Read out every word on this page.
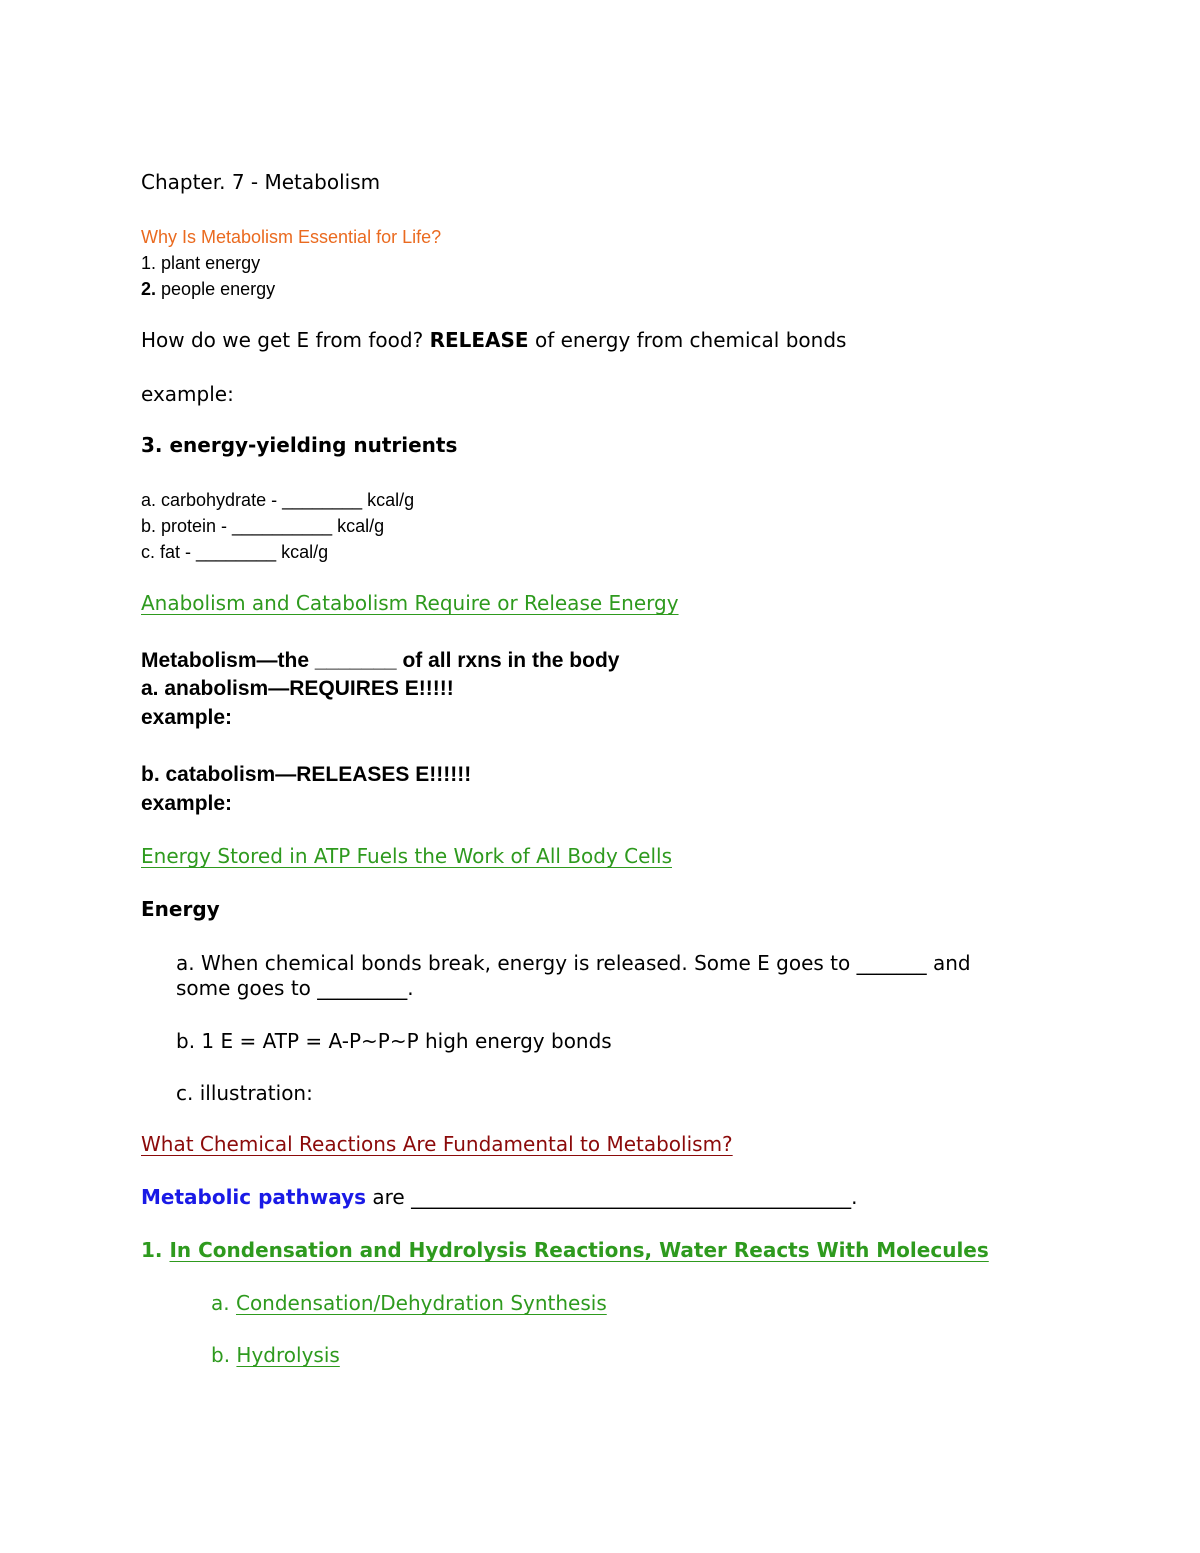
Chapter. 7 - Metabolism
Why Is Metabolism Essential for Life?
1. plant energy
2. people energy
How do we get E from food? RELEASE of energy from chemical bonds
example:
3. energy-yielding nutrients
a. carbohydrate - ________ kcal/g
b. protein - __________ kcal/g
c. fat - ________ kcal/g
Anabolism and Catabolism Require or Release Energy
Metabolism—the _______ of all rxns in the body
a. anabolism—REQUIRES E!!!!!
example:
b. catabolism—RELEASES E!!!!!!
example:
Energy Stored in ATP Fuels the Work of All Body Cells
Energy
a. When chemical bonds break, energy is released. Some E goes to _______ and
some goes to _________.
b. 1 E = ATP = A-P~P~P high energy bonds
c. illustration:
What Chemical Reactions Are Fundamental to Metabolism?
Metabolic pathways are ____________________________________________.
1. In Condensation and Hydrolysis Reactions, Water Reacts With Molecules
a. Condensation/Dehydration Synthesis
b. Hydrolysis
